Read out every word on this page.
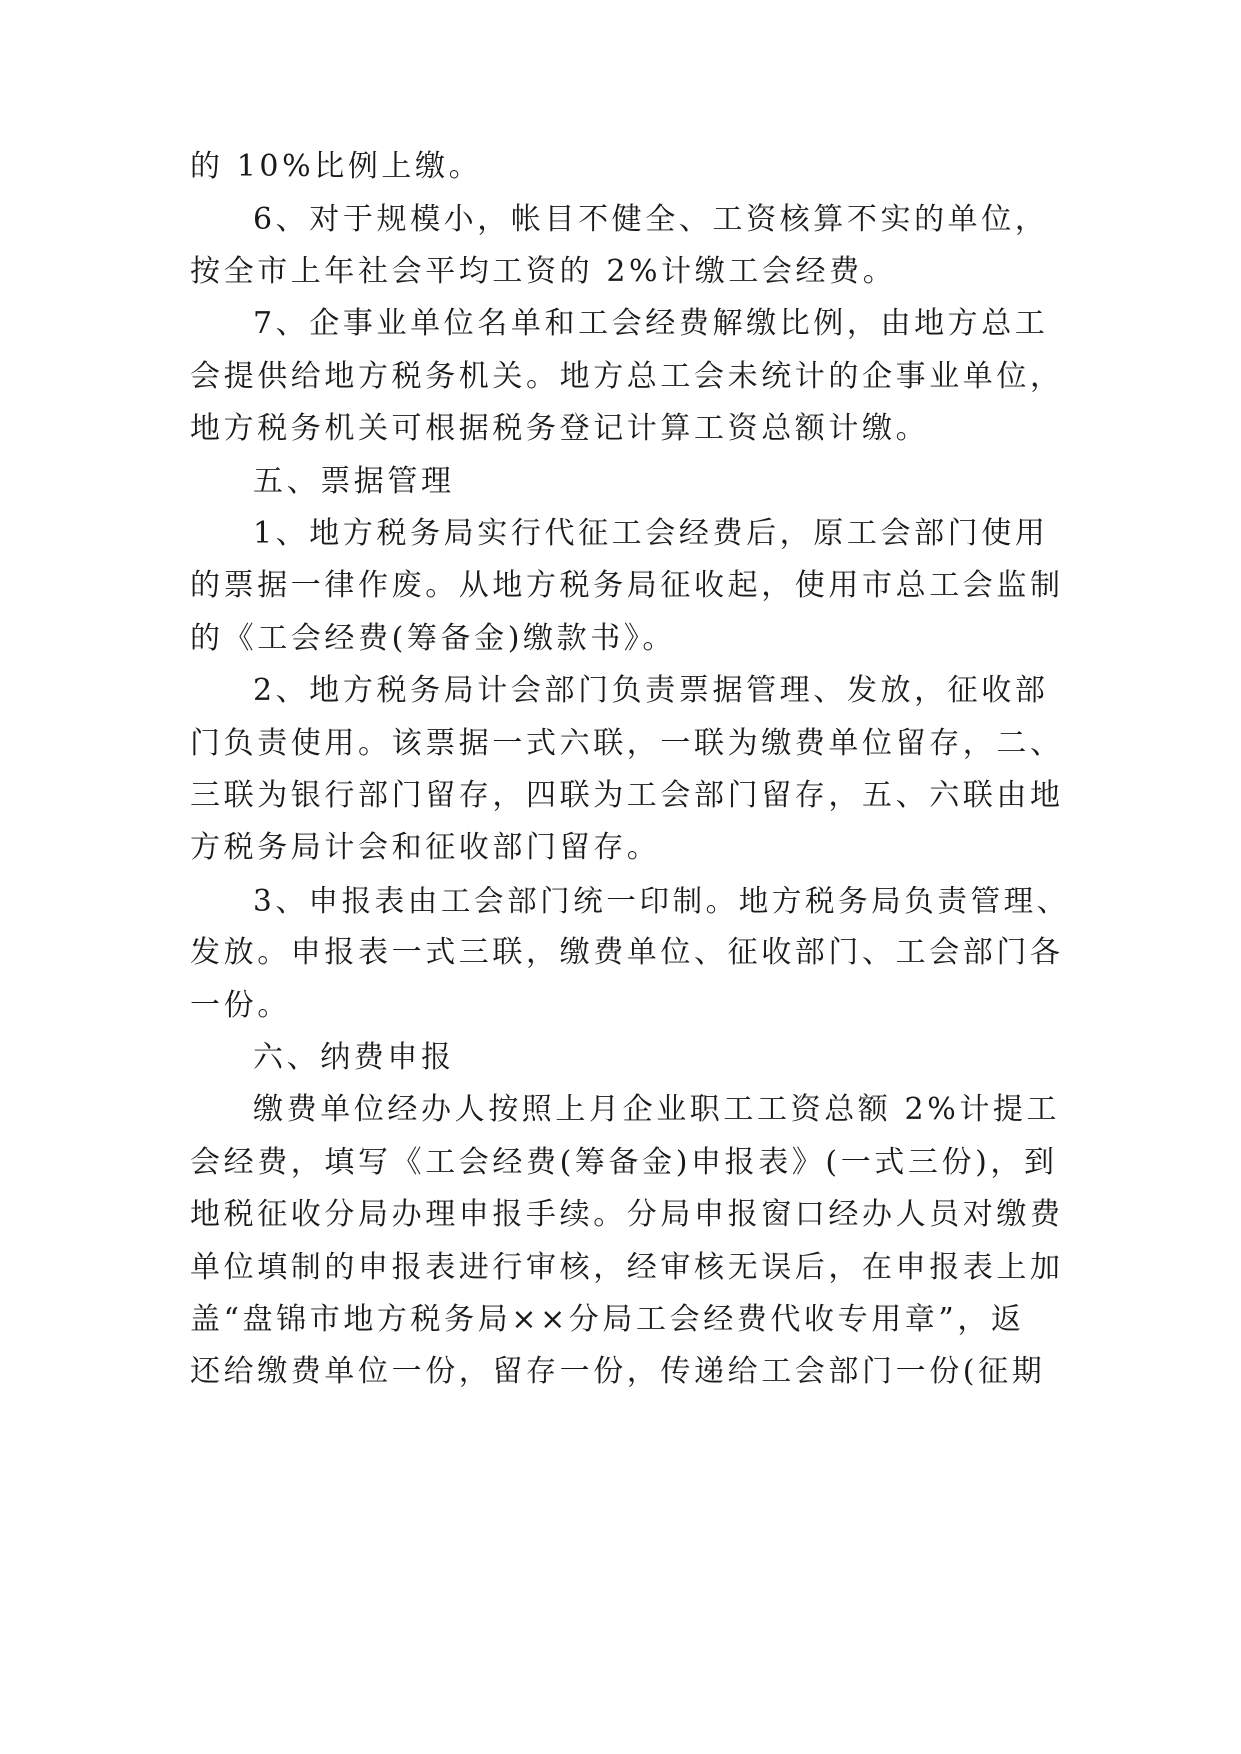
的 10%比例上缴。
6、对于规模小，帐目不健全、工资核算不实的单位，
按全市上年社会平均工资的 2%计缴工会经费。
7、企事业单位名单和工会经费解缴比例，由地方总工
会提供给地方税务机关。地方总工会未统计的企事业单位，
地方税务机关可根据税务登记计算工资总额计缴。
五、票据管理
1、地方税务局实行代征工会经费后，原工会部门使用
的票据一律作废。从地方税务局征收起，使用市总工会监制
的《工会经费(筹备金)缴款书》。
2、地方税务局计会部门负责票据管理、发放，征收部
门负责使用。该票据一式六联，一联为缴费单位留存，二、
三联为银行部门留存，四联为工会部门留存，五、六联由地
方税务局计会和征收部门留存。
3、申报表由工会部门统一印制。地方税务局负责管理、
发放。申报表一式三联，缴费单位、征收部门、工会部门各
一份。
六、纳费申报
缴费单位经办人按照上月企业职工工资总额 2%计提工
会经费，填写《工会经费(筹备金)申报表》(一式三份)，到
地税征收分局办理申报手续。分局申报窗口经办人员对缴费
单位填制的申报表进行审核，经审核无误后，在申报表上加
盖“盘锦市地方税务局××分局工会经费代收专用章”，返
还给缴费单位一份，留存一份，传递给工会部门一份(征期
